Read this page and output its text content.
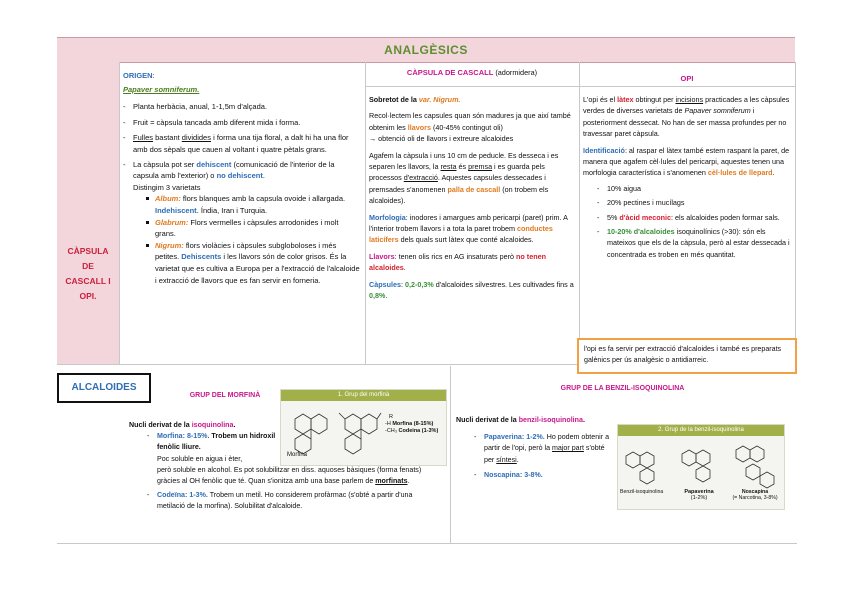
ANALGÈSICS
CÀPSULA
DE
CASCALL I
OPI.
ORIGEN:
Papaver somniferum.
- Planta herbàcia, anual, 1-1,5m d'alçada.
- Fruit = càpsula tancada amb diferent mida i forma.
- Fulles bastant dividides i forma una tija floral, a dalt hi ha una flor amb dos sèpals que cauen al voltant i quatre pètals grans.
- La càpsula pot ser dehiscent (comunicació de l'interior de la capsula amb l'exterior) o no dehiscent.
Distingim 3 varietats
Album: flors blanques amb la capsula ovoide i allargada. Indehiscent. Índia, Iran i Turquia.
Glabrum: Flors vermelles i càpsules arrodonides i molt grans.
Nigrum: flors violàcies i càpsules subgloboloses i més petites. Dehiscents i les llavors són de color grisos. És la varietat que es cultiva a Europa per a l'extracció de l'alcaloide i extracció de llavors que es fan servir en forneria.
CÀPSULA DE CASCALL (adormidera)
Sobretot de la var. Nigrum.
Recol·lectem les capsules quan són madures ja que així també obtenim les llavors (40-45% contingut oli)
→ obtenció oli de llavors i extreure alcaloides
Agafem la càpsula i uns 10 cm de peducle. Es desseca i es separen les llavors, la resta és premsa i es guarda pels processos d'extracció. Aquestes capsules dessecades i premsades s'anomenen palla de cascall (on trobem els alcaloides).
Morfologia: inodores i amargues amb pericarpi (paret) prim. A l'interior trobem llavors i a tota la paret trobem conductes laticífers dels quals surt làtex que conté alcaloides.
Llavors: tenen olis rics en AG insaturats però no tenen alcaloides.
Càpsules: 0,2-0,3% d'alcaloides silvestres. Les cultivades fins a 0,8%.
OPI
L'opi és el làtex obtingut per incisions practicades a les càpsules verdes de diverses varietats de Papaver somniferum i posteriorment dessecat. No han de ser massa profundes per no travessar paret càpsula.
Identificació: al raspar el làtex també estem raspant la paret, de manera que agafem cèl·lules del pericarpi, aquestes tenen una morfologia característica i s'anomenen cèl·lules de llepard.
- 10% aigua
- 20% pectines i mucílags
- 5% d'àcid meconic: els alcaloides poden formar sals.
- 10-20% d'alcaloides isoquinolínics (>30): són els mateixos que els de la càpsula, però al estar dessecada i concentrada es troben en més quantitat.
l'opi es fa servir per extracció d'alcaloides i també es preparats galènics per ús analgèsic o antidiarreic.
ALCALOIDES
GRUP DEL MORFINÀ
GRUP DE LA BENZIL-ISOQUINOLINA
1. Grup del morfinà
Morfina
R
-H Morfina (8-15%)
-CH₃ Codeina (1-3%)	2. Grup de la benzil-isoquinolina
Benzil-isoquinolina	Papaverina
(1-2%)
Noscapina
(= Narcotina, 3-8%)
Nucli derivat de la isoquinolina.
- Morfina: 8-15%. Trobem un hidroxil fenòlic lliure.
Poc soluble en aigua i èter,
però soluble en alcohol. Es pot solubilitzar en diss. aquoses bàsiques (forma fenats) gràcies al OH fenòlic que té. Quan s'ionitza amb una base parlem de morfinats.
- Codeïna: 1-3%. Trobem un metil. Ho considerem profàrmac (s'obté a partir d'una metilació de la morfina). Solubilitat d'alcaloide.
Nucli derivat de la benzil-isoquinolina.
- Papaverina: 1-2%. Ho podem obtenir a partir de l'opi, però la major part s'obté per síntesi.
- Noscapina: 3-8%.
